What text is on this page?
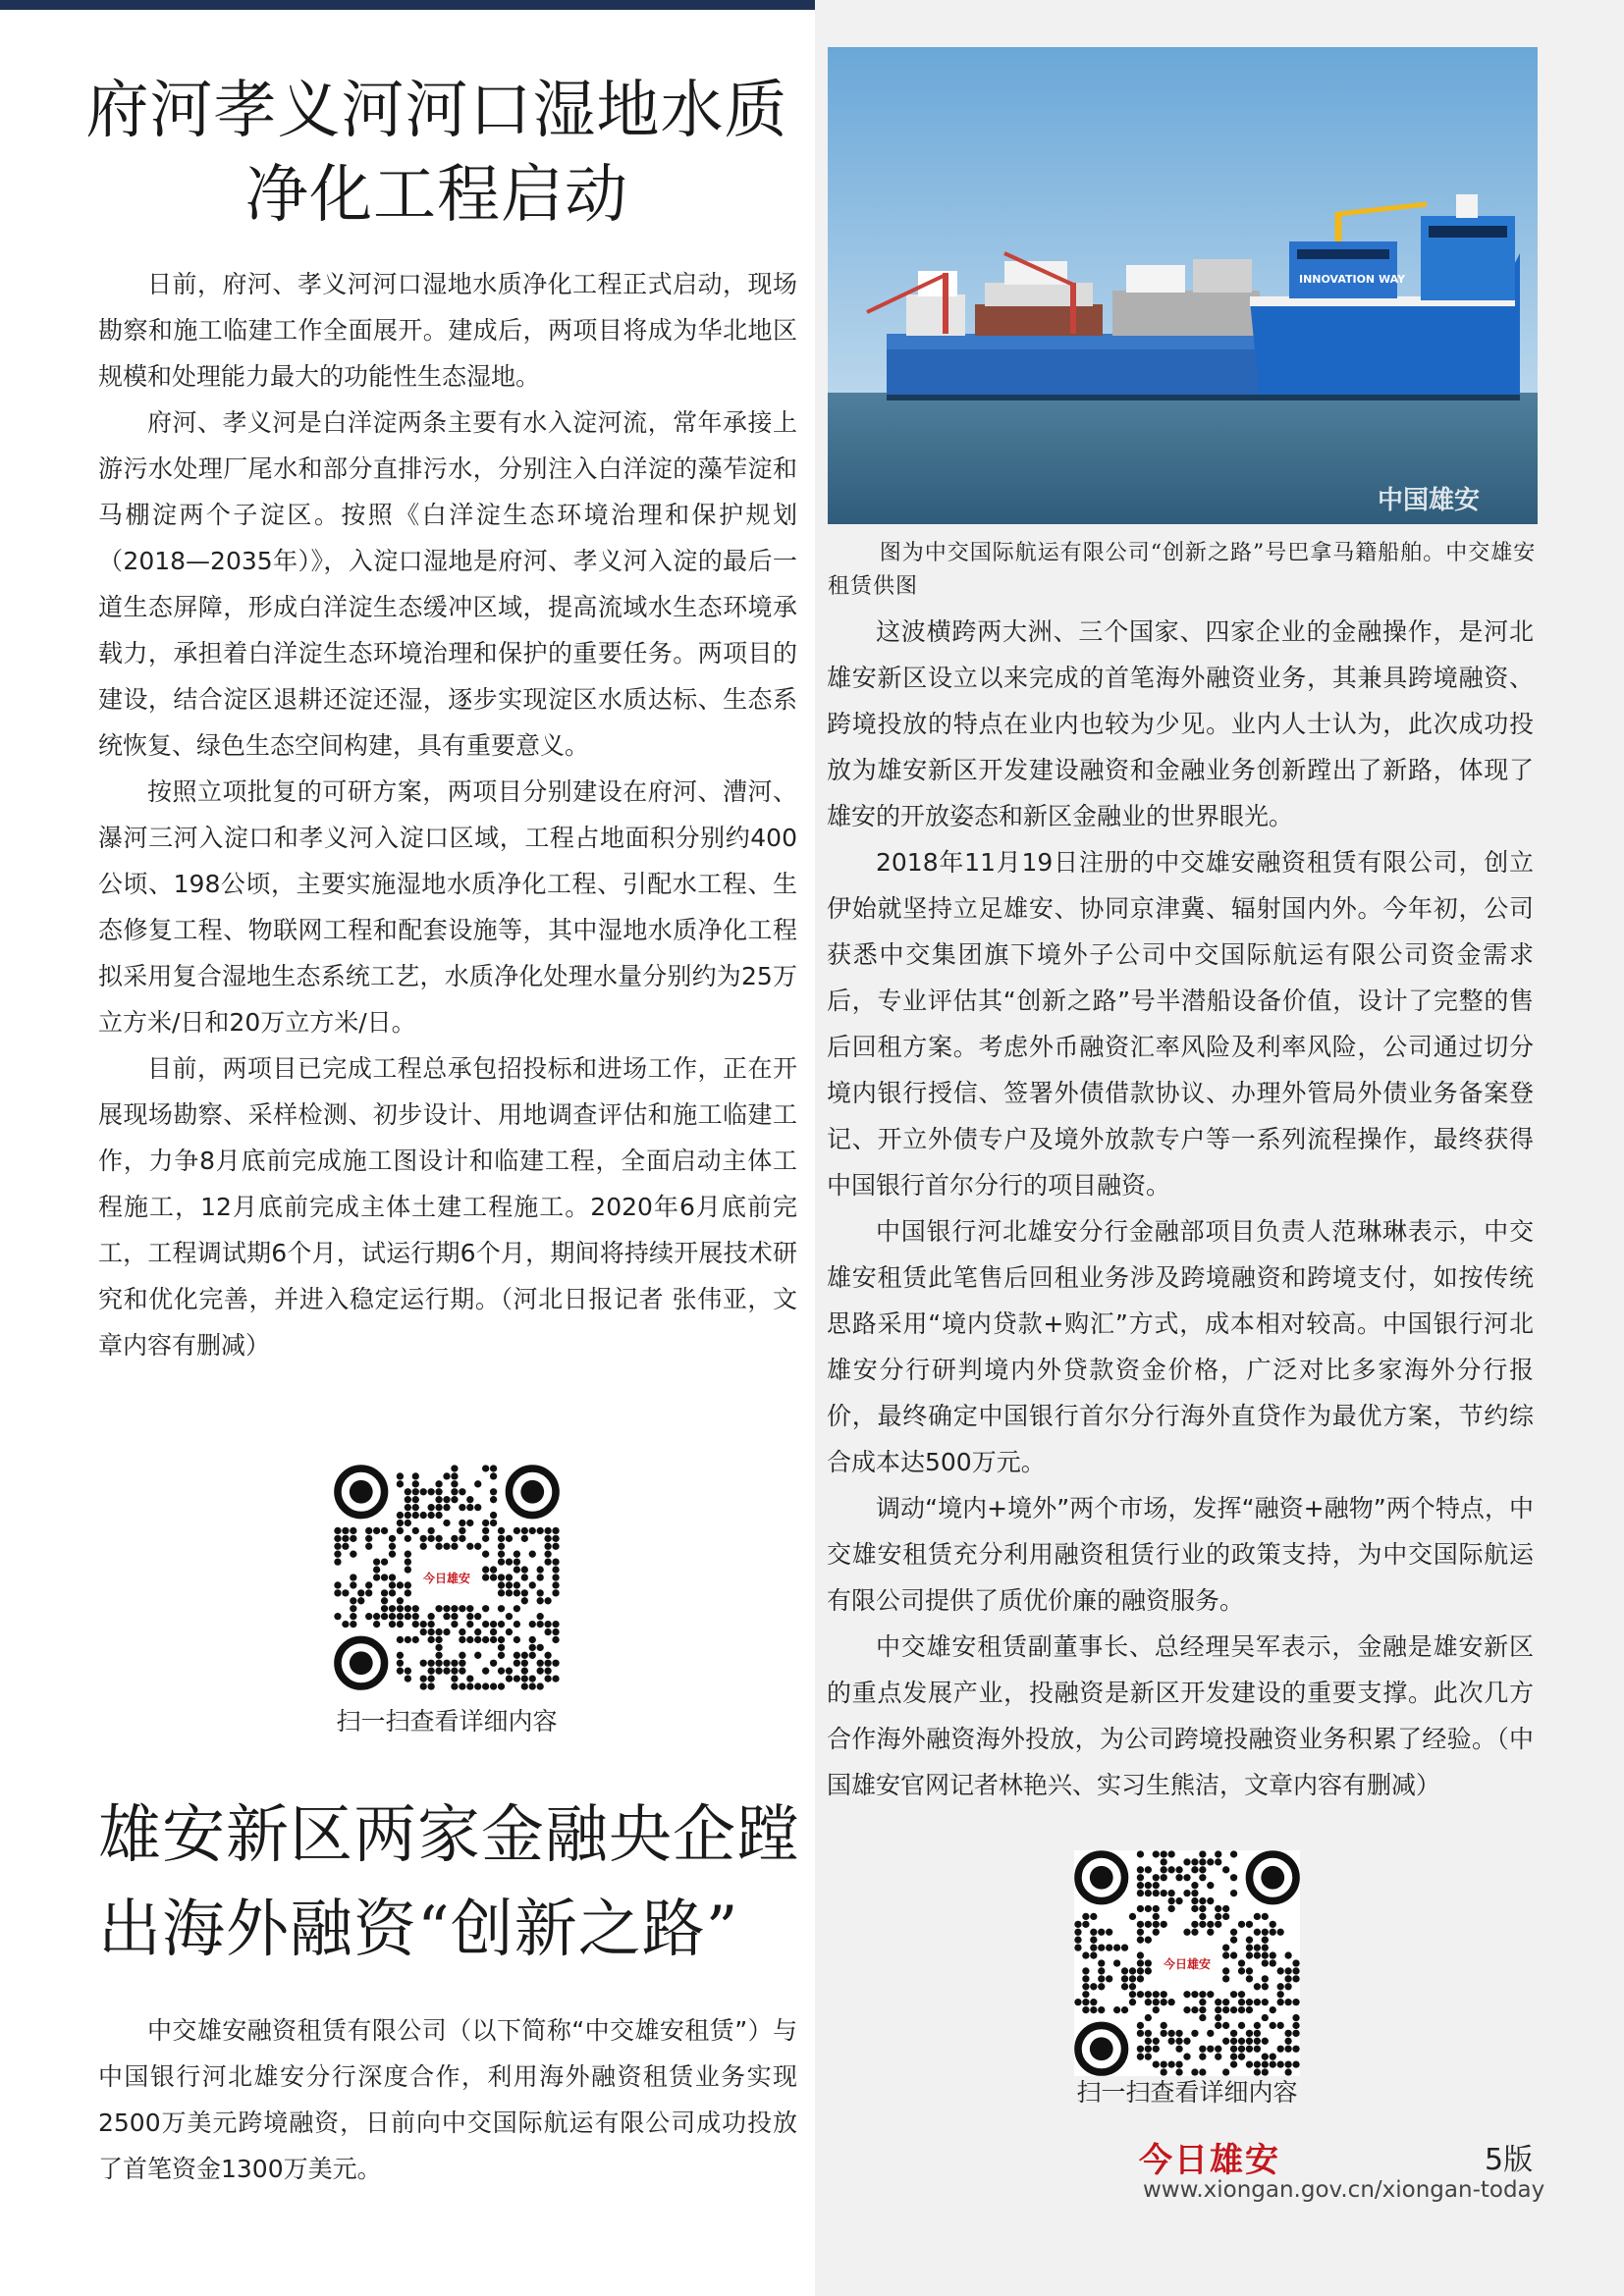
府河孝义河河口湿地水质净化工程启动

日前，府河、孝义河河口湿地水质净化工程正式启动，现场勘察和施工临建工作全面展开。建成后，两项目将成为华北地区规模和处理能力最大的功能性生态湿地。

府河、孝义河是白洋淀两条主要有水入淀河流，常年承接上游污水处理厂尾水和部分直排污水，分别注入白洋淀的藻苲淀和马棚淀两个子淀区。按照《白洋淀生态环境治理和保护规划（2018—2035年）》，入淀口湿地是府河、孝义河入淀的最后一道生态屏障，形成白洋淀生态缓冲区域，提高流域水生态环境承载力，承担着白洋淀生态环境治理和保护的重要任务。两项目的建设，结合淀区退耕还淀还湿，逐步实现淀区水质达标、生态系统恢复、绿色生态空间构建，具有重要意义。

按照立项批复的可研方案，两项目分别建设在府河、漕河、瀑河三河入淀口和孝义河入淀口区域，工程占地面积分别约400公顷、198公顷，主要实施湿地水质净化工程、引配水工程、生态修复工程、物联网工程和配套设施等，其中湿地水质净化工程拟采用复合湿地生态系统工艺，水质净化处理水量分别约为25万立方米/日和20万立方米/日。

目前，两项目已完成工程总承包招投标和进场工作，正在开展现场勘察、采样检测、初步设计、用地调查评估和施工临建工作，力争8月底前完成施工图设计和临建工程，全面启动主体工程施工，12月底前完成主体土建工程施工。2020年6月底前完工，工程调试期6个月，试运行期6个月，期间将持续开展技术研究和优化完善，并进入稳定运行期。（河北日报记者 张伟亚，文章内容有删减）

今日雄安
扫一扫查看详细内容
雄安新区两家金融央企蹚出海外融资“创新之路”

中交雄安融资租赁有限公司（以下简称“中交雄安租赁”）与中国银行河北雄安分行深度合作，利用海外融资租赁业务实现2500万美元跨境融资，日前向中交国际航运有限公司成功投放了首笔资金1300万美元。

INNOVATION WAY
中国雄安
图为中交国际航运有限公司“创新之路”号巴拿马籍船舶。中交雄安租赁供图

这波横跨两大洲、三个国家、四家企业的金融操作，是河北雄安新区设立以来完成的首笔海外融资业务，其兼具跨境融资、跨境投放的特点在业内也较为少见。业内人士认为，此次成功投放为雄安新区开发建设融资和金融业务创新蹚出了新路，体现了雄安的开放姿态和新区金融业的世界眼光。

2018年11月19日注册的中交雄安融资租赁有限公司，创立伊始就坚持立足雄安、协同京津冀、辐射国内外。今年初，公司获悉中交集团旗下境外子公司中交国际航运有限公司资金需求后，专业评估其“创新之路”号半潜船设备价值，设计了完整的售后回租方案。考虑外币融资汇率风险及利率风险，公司通过切分境内银行授信、签署外债借款协议、办理外管局外债业务备案登记、开立外债专户及境外放款专户等一系列流程操作，最终获得中国银行首尔分行的项目融资。

中国银行河北雄安分行金融部项目负责人范琳琳表示，中交雄安租赁此笔售后回租业务涉及跨境融资和跨境支付，如按传统思路采用“境内贷款+购汇”方式，成本相对较高。中国银行河北雄安分行研判境内外贷款资金价格，广泛对比多家海外分行报价，最终确定中国银行首尔分行海外直贷作为最优方案，节约综合成本达500万元。

调动“境内+境外”两个市场，发挥“融资+融物”两个特点，中交雄安租赁充分利用融资租赁行业的政策支持，为中交国际航运有限公司提供了质优价廉的融资服务。

中交雄安租赁副董事长、总经理吴军表示，金融是雄安新区的重点发展产业，投融资是新区开发建设的重要支撑。此次几方合作海外融资海外投放，为公司跨境投融资业务积累了经验。（中国雄安官网记者林艳兴、实习生熊洁，文章内容有删减）

今日雄安
扫一扫查看详细内容
今日雄安	5版
www.xiongan.gov.cn/xiongan-today
